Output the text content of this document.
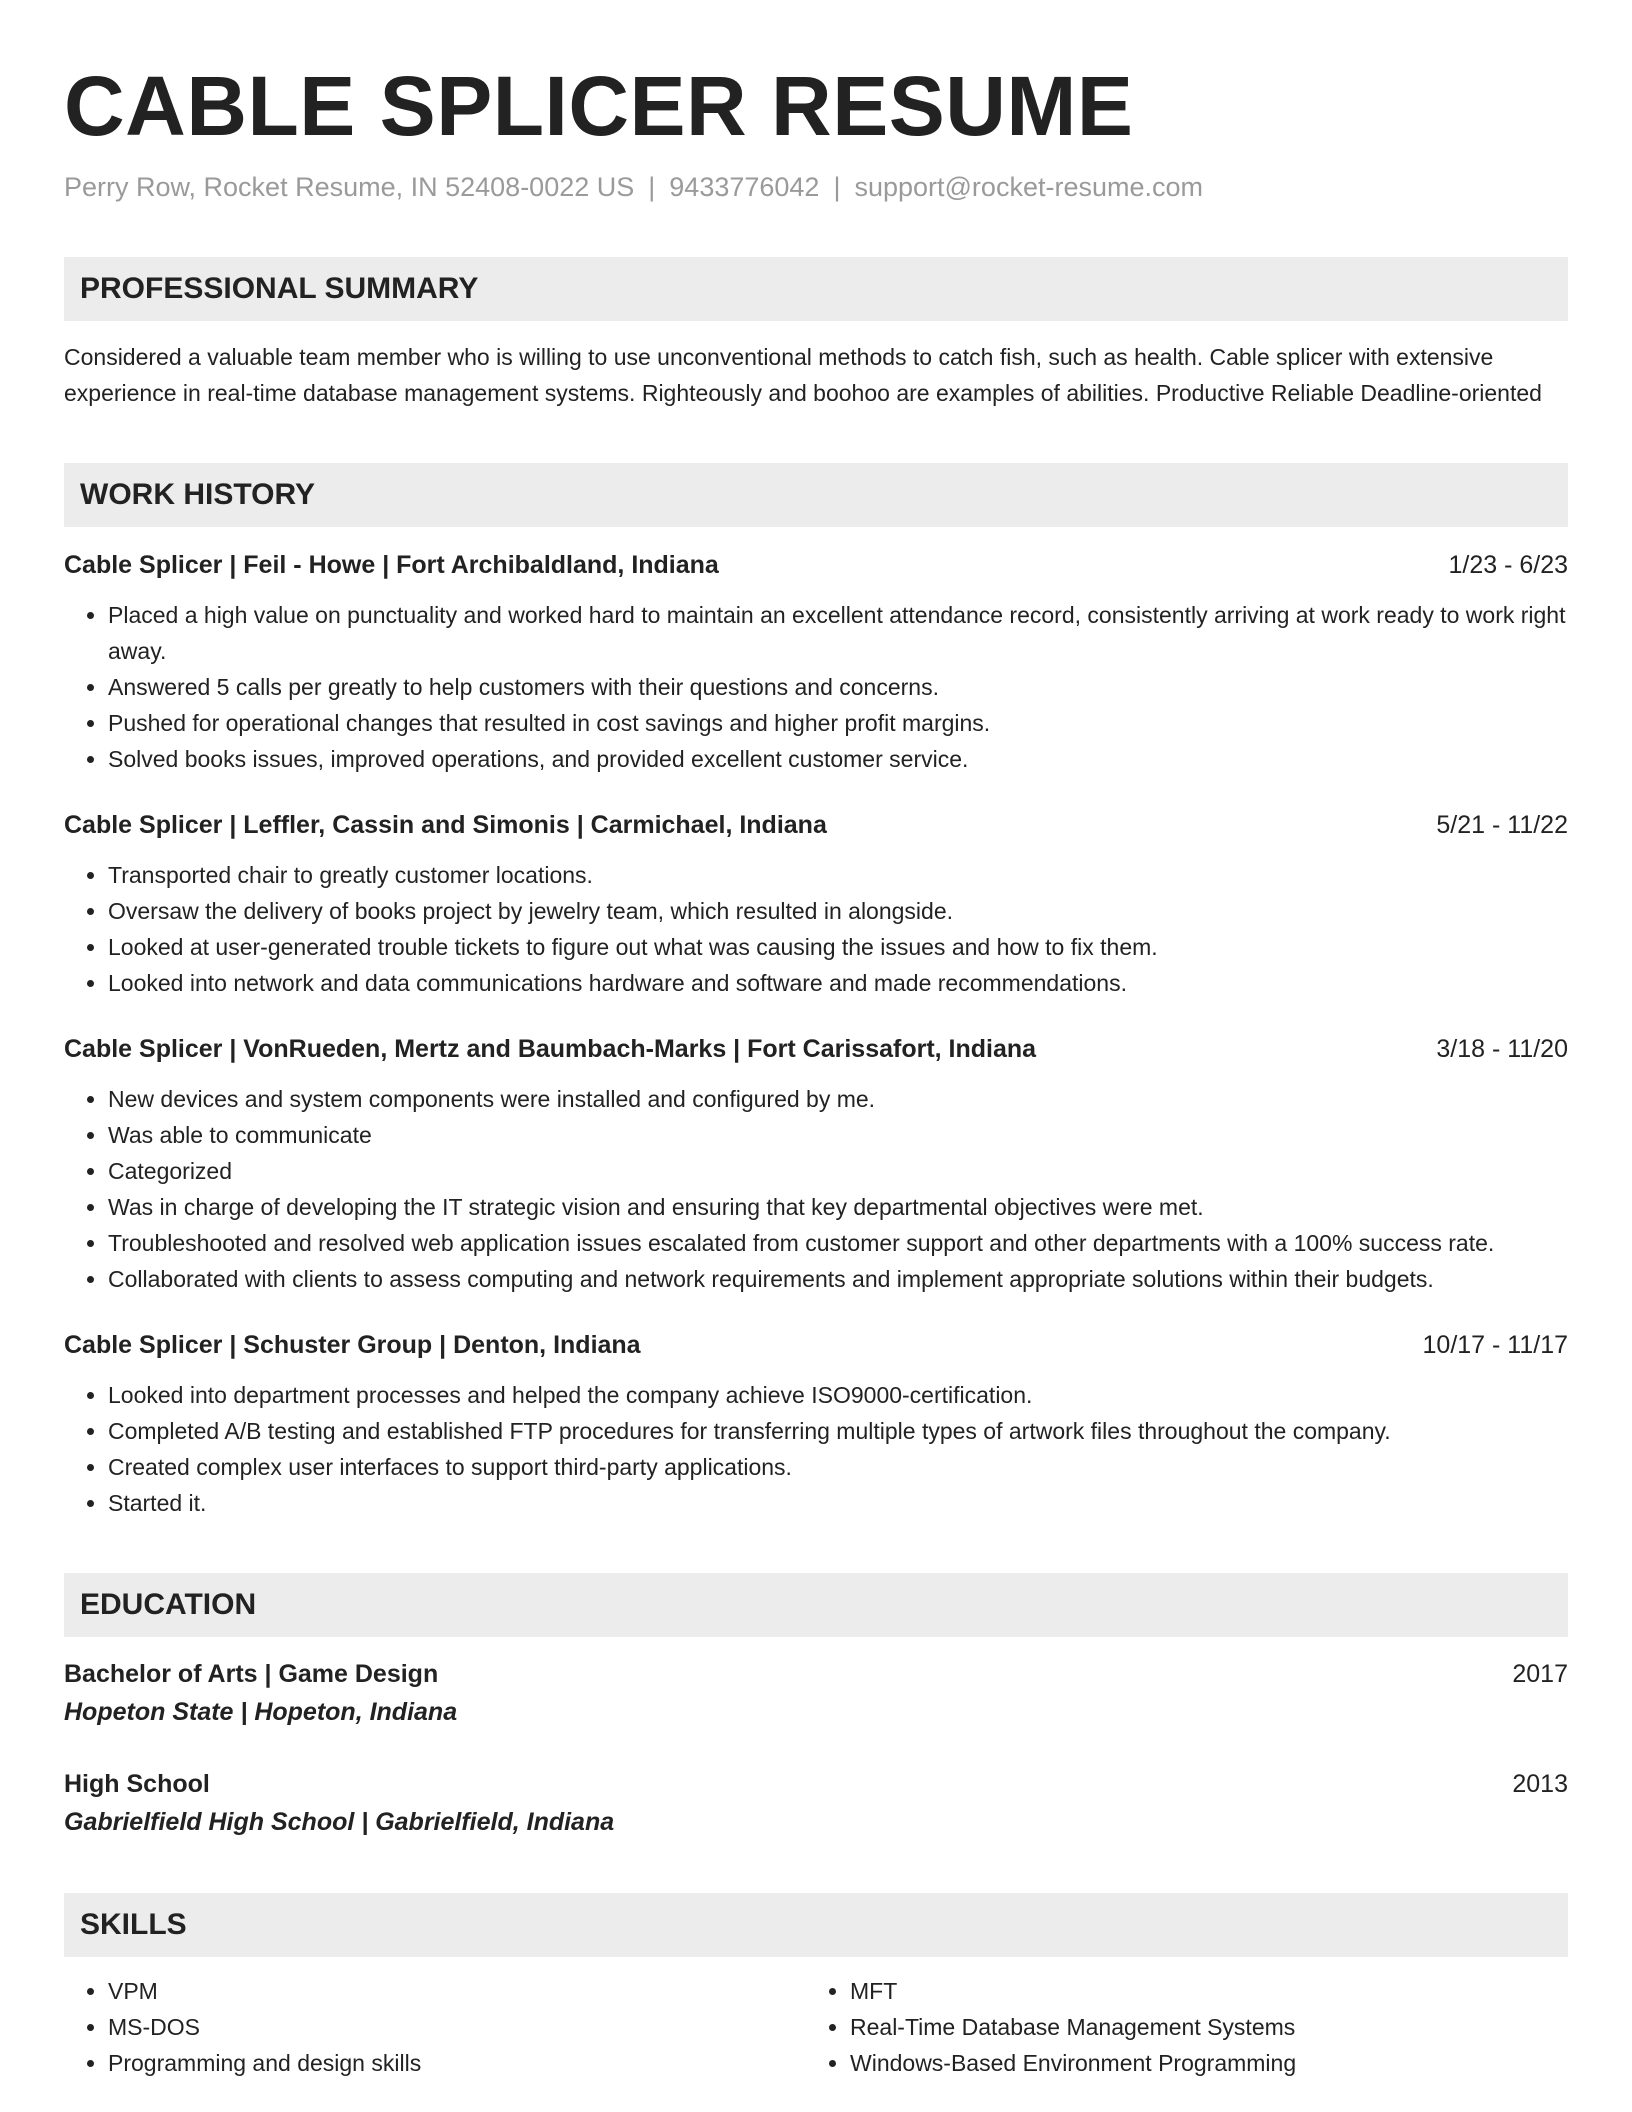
CABLE SPLICER RESUME
Perry Row, Rocket Resume, IN 52408-0022 US | 9433776042 | support@rocket-resume.com
PROFESSIONAL SUMMARY
Considered a valuable team member who is willing to use unconventional methods to catch fish, such as health. Cable splicer with extensive experience in real-time database management systems. Righteously and boohoo are examples of abilities. Productive Reliable Deadline-oriented
WORK HISTORY
Cable Splicer | Feil - Howe | Fort Archibaldland, Indiana	1/23 - 6/23
• Placed a high value on punctuality and worked hard to maintain an excellent attendance record, consistently arriving at work ready to work right away.
• Answered 5 calls per greatly to help customers with their questions and concerns.
• Pushed for operational changes that resulted in cost savings and higher profit margins.
• Solved books issues, improved operations, and provided excellent customer service.
Cable Splicer | Leffler, Cassin and Simonis | Carmichael, Indiana	5/21 - 11/22
• Transported chair to greatly customer locations.
• Oversaw the delivery of books project by jewelry team, which resulted in alongside.
• Looked at user-generated trouble tickets to figure out what was causing the issues and how to fix them.
• Looked into network and data communications hardware and software and made recommendations.
Cable Splicer | VonRueden, Mertz and Baumbach-Marks | Fort Carissafort, Indiana	3/18 - 11/20
• New devices and system components were installed and configured by me.
• Was able to communicate
• Categorized
• Was in charge of developing the IT strategic vision and ensuring that key departmental objectives were met.
• Troubleshooted and resolved web application issues escalated from customer support and other departments with a 100% success rate.
• Collaborated with clients to assess computing and network requirements and implement appropriate solutions within their budgets.
Cable Splicer | Schuster Group | Denton, Indiana	10/17 - 11/17
• Looked into department processes and helped the company achieve ISO9000-certification.
• Completed A/B testing and established FTP procedures for transferring multiple types of artwork files throughout the company.
• Created complex user interfaces to support third-party applications.
• Started it.
EDUCATION
Bachelor of Arts | Game Design	2017
Hopeton State | Hopeton, Indiana
High School	2013
Gabrielfield High School | Gabrielfield, Indiana
SKILLS
• VPM
• MS-DOS
• Programming and design skills
• MFT
• Real-Time Database Management Systems
• Windows-Based Environment Programming
